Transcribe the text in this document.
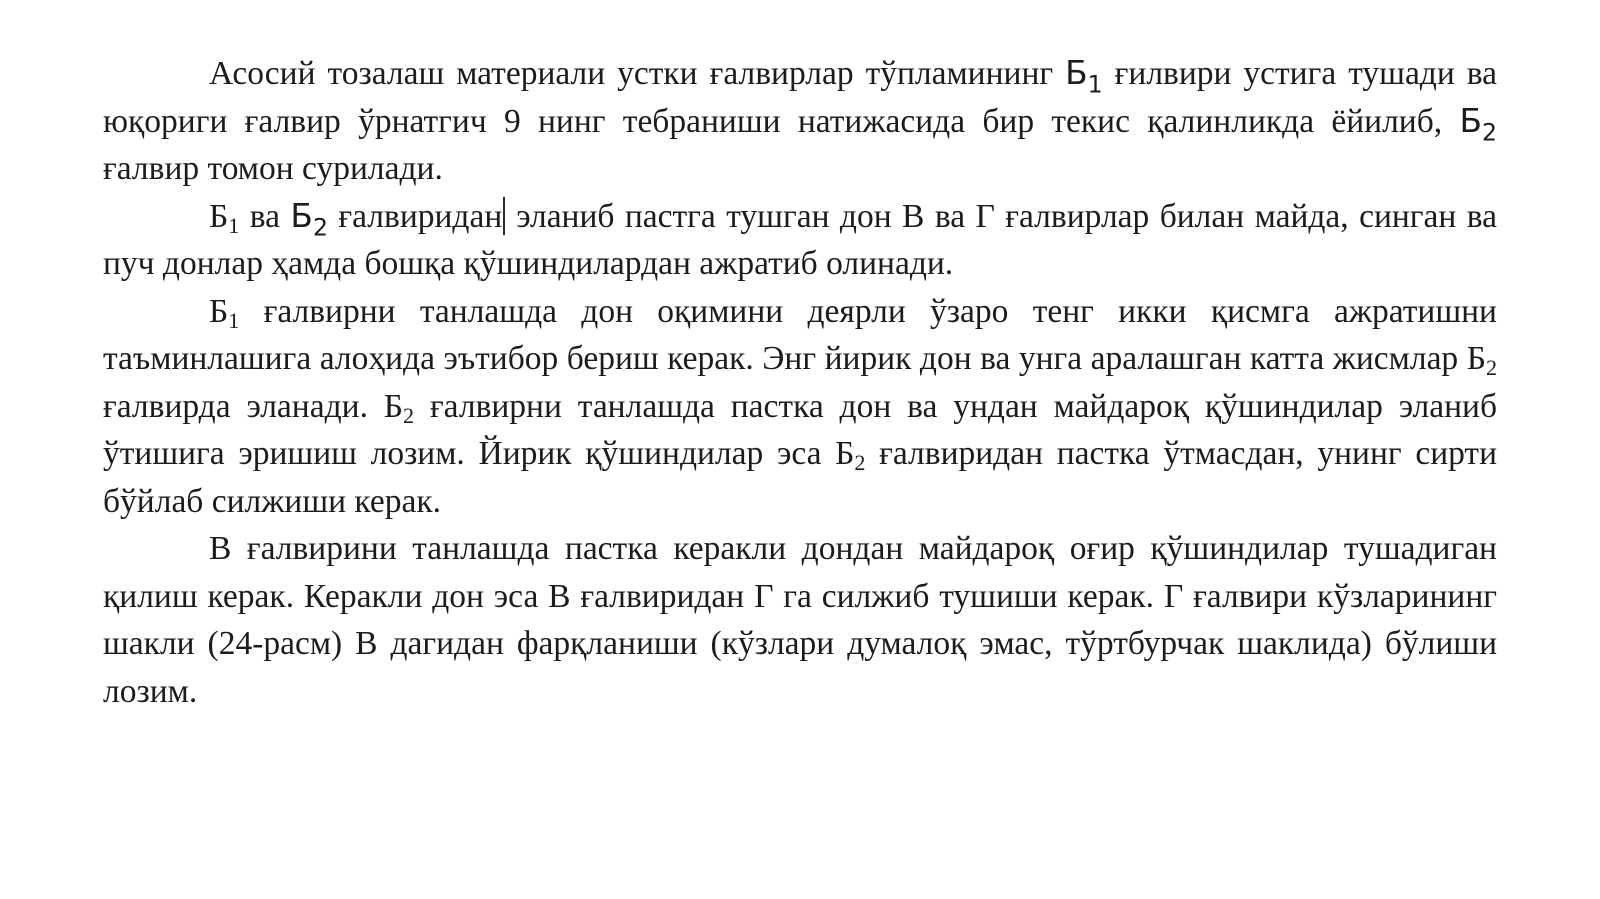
Асосий тозалаш материали устки ғалвирлар тўпламининг $Б_1$ ғилвири устига тушади ва юқориги ғалвир ўрнатгич 9 нинг тебраниши натижасида бир текис қалинликда ёйилиб, $Б_2$ ғалвир томон сурилади.

$Б_1$ ва $Б_2$ ғалвиридан эланиб пастга тушган дон В ва Г ғалвирлар билан майда, синган ва пуч донлар ҳамда бошқа қўшиндилардан ажратиб олинади.

$Б_1$ ғалвирни танлашда дон оқимини деярли ўзаро тенг икки қисмга ажратишни таъминлашига алоҳида эътибор бериш керак. Энг йирик дон ва унга аралашган катта жисмлар $Б_2$ ғалвирда эланади. $Б_2$ ғалвирни танлашда пастка дон ва ундан майдароқ қўшиндилар эланиб ўтишига эришиш лозим. Йирик қўшиндилар эса $Б_2$ ғалвиридан пастка ўтмасдан, унинг сирти бўйлаб силжиши керак.

В ғалвирини танлашда пастка керакли дондан майдароқ оғир қўшиндилар тушадиган қилиш керак. Керакли дон эса В ғалвиридан Г га силжиб тушиши керак. Г ғалвири кўзларининг шакли (24-расм) В дагидан фарқланиши (кўзлари думалоқ эмас, тўртбурчак шаклида) бўлиши лозим.
